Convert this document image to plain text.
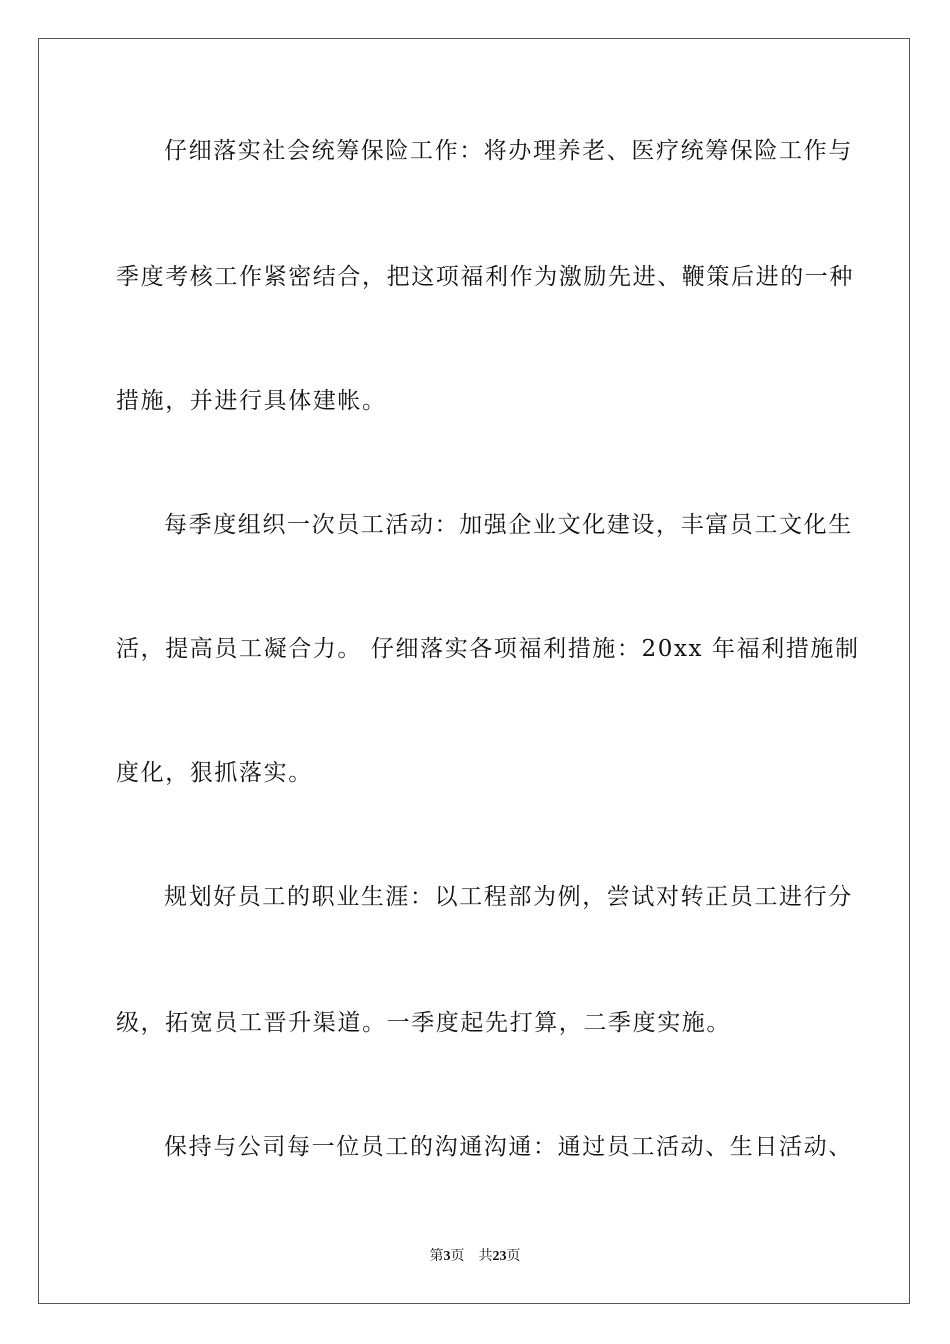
仔细落实社会统筹保险工作：将办理养老、医疗统筹保险工作与
季度考核工作紧密结合，把这项福利作为激励先进、鞭策后进的一种
措施，并进行具体建帐。
每季度组织一次员工活动：加强企业文化建设，丰富员工文化生
活，提高员工凝合力。 仔细落实各项福利措施：20xx 年福利措施制
度化，狠抓落实。
规划好员工的职业生涯：以工程部为例，尝试对转正员工进行分
级，拓宽员工晋升渠道。一季度起先打算，二季度实施。
保持与公司每一位员工的沟通沟通：通过员工活动、生日活动、
第3页 共23页
